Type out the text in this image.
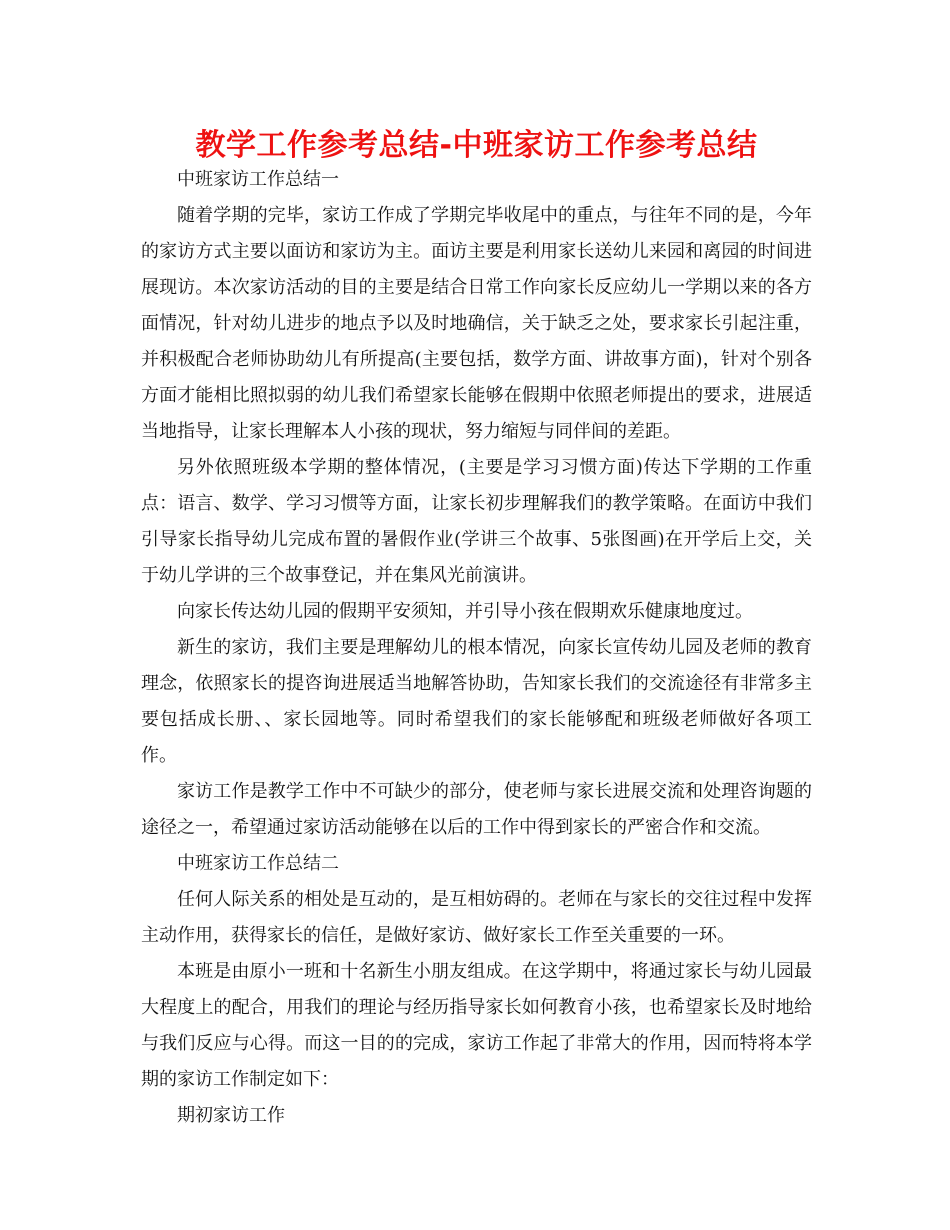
教学工作参考总结-中班家访工作参考总结

中班家访工作总结一

随着学期的完毕，家访工作成了学期完毕收尾中的重点，与往年不同的是，今年的家访方式主要以面访和家访为主。面访主要是利用家长送幼儿来园和离园的时间进展现访。本次家访活动的目的主要是结合日常工作向家长反应幼儿一学期以来的各方面情况，针对幼儿进步的地点予以及时地确信，关于缺乏之处，要求家长引起注重，并积极配合老师协助幼儿有所提高(主要包括，数学方面、讲故事方面)，针对个别各方面才能相比照拟弱的幼儿我们希望家长能够在假期中依照老师提出的要求，进展适当地指导，让家长理解本人小孩的现状，努力缩短与同伴间的差距。

另外依照班级本学期的整体情况，(主要是学习习惯方面)传达下学期的工作重点：语言、数学、学习习惯等方面，让家长初步理解我们的教学策略。在面访中我们引导家长指导幼儿完成布置的暑假作业(学讲三个故事、5张图画)在开学后上交，关于幼儿学讲的三个故事登记，并在集风光前演讲。

向家长传达幼儿园的假期平安须知，并引导小孩在假期欢乐健康地度过。

新生的家访，我们主要是理解幼儿的根本情况，向家长宣传幼儿园及老师的教育理念，依照家长的提咨询进展适当地解答协助，告知家长我们的交流途径有非常多主要包括成长册、、家长园地等。同时希望我们的家长能够配和班级老师做好各项工作。

家访工作是教学工作中不可缺少的部分，使老师与家长进展交流和处理咨询题的途径之一，希望通过家访活动能够在以后的工作中得到家长的严密合作和交流。

中班家访工作总结二

任何人际关系的相处是互动的，是互相妨碍的。老师在与家长的交往过程中发挥主动作用，获得家长的信任，是做好家访、做好家长工作至关重要的一环。

本班是由原小一班和十名新生小朋友组成。在这学期中，将通过家长与幼儿园最大程度上的配合，用我们的理论与经历指导家长如何教育小孩，也希望家长及时地给与我们反应与心得。而这一目的的完成，家访工作起了非常大的作用，因而特将本学期的家访工作制定如下：

期初家访工作
